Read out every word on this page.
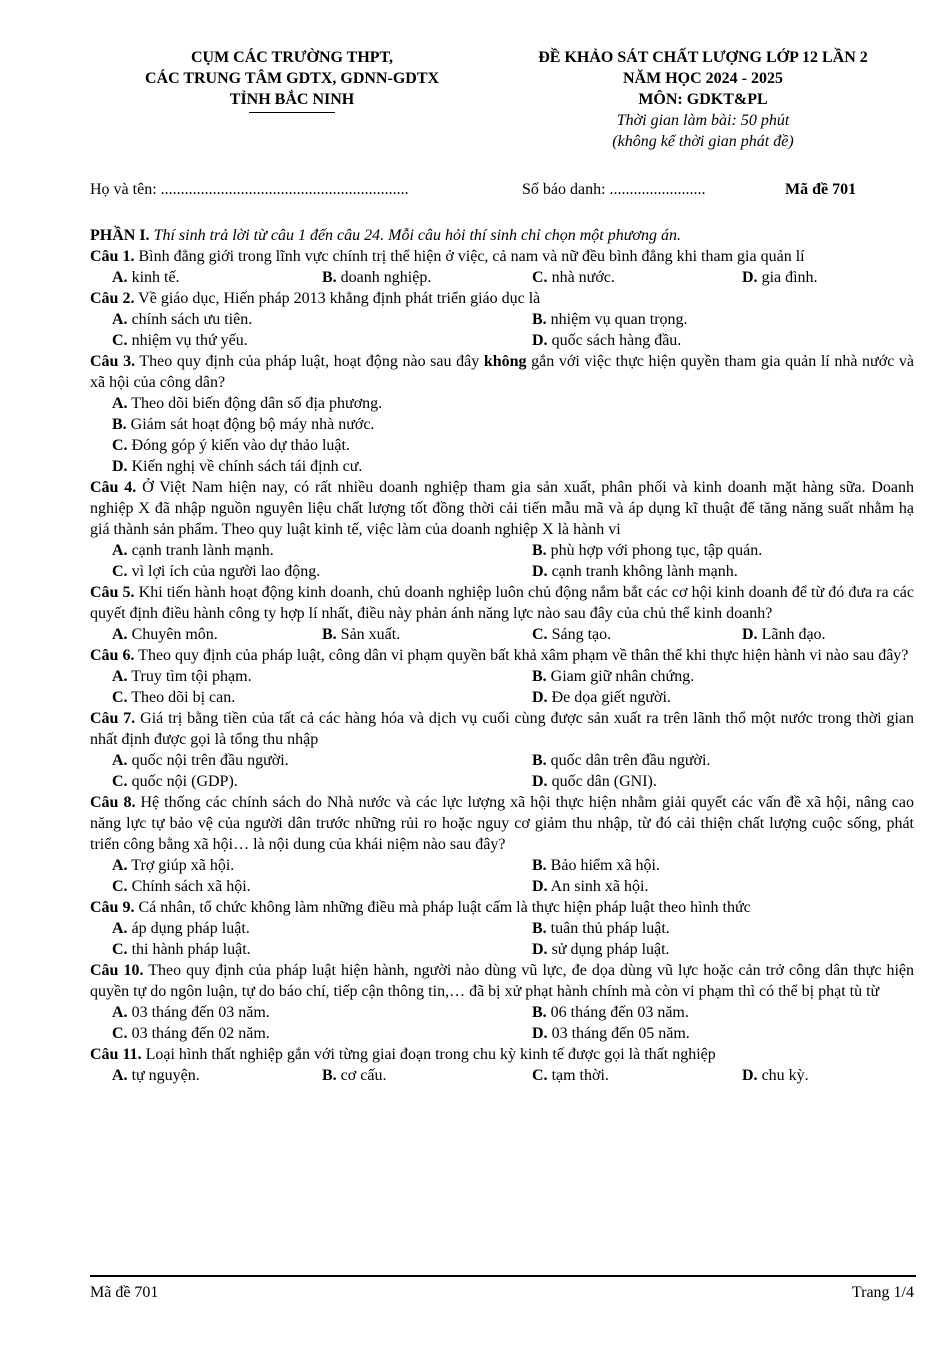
CỤM CÁC TRƯỜNG THPT,
CÁC TRUNG TÂM GDTX, GDNN-GDTX
TỈNH BẮC NINH
ĐỀ KHẢO SÁT CHẤT LƯỢNG LỚP 12 LẦN 2
NĂM HỌC 2024 - 2025
MÔN: GDKT&PL
Thời gian làm bài: 50 phút
(không kể thời gian phát đề)
Họ và tên: ..............................................................	Số báo danh: ........................	Mã đề 701

PHẦN I. Thí sinh trả lời từ câu 1 đến câu 24. Mỗi câu hỏi thí sinh chỉ chọn một phương án.

Câu 1. Bình đẳng giới trong lĩnh vực chính trị thể hiện ở việc, cả nam và nữ đều bình đẳng khi tham gia quản lí

A. kinh tế.	B. doanh nghiệp.	C. nhà nước.	D. gia đình.

Câu 2. Về giáo dục, Hiến pháp 2013 khẳng định phát triển giáo dục là

A. chính sách ưu tiên.	B. nhiệm vụ quan trọng.
C. nhiệm vụ thứ yếu.	D. quốc sách hàng đầu.

Câu 3. Theo quy định của pháp luật, hoạt động nào sau đây không gắn với việc thực hiện quyền tham gia quản lí nhà nước và xã hội của công dân?

A. Theo dõi biến động dân số địa phương.
B. Giám sát hoạt động bộ máy nhà nước.
C. Đóng góp ý kiến vào dự thảo luật.
D. Kiến nghị về chính sách tái định cư.

Câu 4. Ở Việt Nam hiện nay, có rất nhiều doanh nghiệp tham gia sản xuất, phân phối và kinh doanh mặt hàng sữa. Doanh nghiệp X đã nhập nguồn nguyên liệu chất lượng tốt đồng thời cải tiến mẫu mã và áp dụng kĩ thuật để tăng năng suất nhằm hạ giá thành sản phẩm. Theo quy luật kinh tế, việc làm của doanh nghiệp X là hành vi

A. cạnh tranh lành mạnh.	B. phù hợp với phong tục, tập quán.
C. vì lợi ích của người lao động.	D. cạnh tranh không lành mạnh.

Câu 5. Khi tiến hành hoạt động kinh doanh, chủ doanh nghiệp luôn chủ động nắm bắt các cơ hội kinh doanh để từ đó đưa ra các quyết định điều hành công ty hợp lí nhất, điều này phản ánh năng lực nào sau đây của chủ thể kinh doanh?

A. Chuyên môn.	B. Sản xuất.	C. Sáng tạo.	D. Lãnh đạo.

Câu 6. Theo quy định của pháp luật, công dân vi phạm quyền bất khả xâm phạm về thân thể khi thực hiện hành vi nào sau đây?

A. Truy tìm tội phạm.	B. Giam giữ nhân chứng.
C. Theo dõi bị can.	D. Đe dọa giết người.

Câu 7. Giá trị bằng tiền của tất cả các hàng hóa và dịch vụ cuối cùng được sản xuất ra trên lãnh thổ một nước trong thời gian nhất định được gọi là tổng thu nhập

A. quốc nội trên đầu người.	B. quốc dân trên đầu người.
C. quốc nội (GDP).	D. quốc dân (GNI).

Câu 8. Hệ thống các chính sách do Nhà nước và các lực lượng xã hội thực hiện nhằm giải quyết các vấn đề xã hội, nâng cao năng lực tự bảo vệ của người dân trước những rủi ro hoặc nguy cơ giảm thu nhập, từ đó cải thiện chất lượng cuộc sống, phát triển công bằng xã hội… là nội dung của khái niệm nào sau đây?

A. Trợ giúp xã hội.	B. Bảo hiểm xã hội.
C. Chính sách xã hội.	D. An sinh xã hội.

Câu 9. Cá nhân, tổ chức không làm những điều mà pháp luật cấm là thực hiện pháp luật theo hình thức

A. áp dụng pháp luật.	B. tuân thủ pháp luật.
C. thi hành pháp luật.	D. sử dụng pháp luật.

Câu 10. Theo quy định của pháp luật hiện hành, người nào dùng vũ lực, đe dọa dùng vũ lực hoặc cản trở công dân thực hiện quyền tự do ngôn luận, tự do báo chí, tiếp cận thông tin,… đã bị xử phạt hành chính mà còn vi phạm thì có thể bị phạt tù từ

A. 03 tháng đến 03 năm.	B. 06 tháng đến 03 năm.
C. 03 tháng đến 02 năm.	D. 03 tháng đến 05 năm.

Câu 11. Loại hình thất nghiệp gắn với từng giai đoạn trong chu kỳ kinh tế được gọi là thất nghiệp

A. tự nguyện.	B. cơ cấu.	C. tạm thời.	D. chu kỳ.
Mã đề 701	Trang 1/4
